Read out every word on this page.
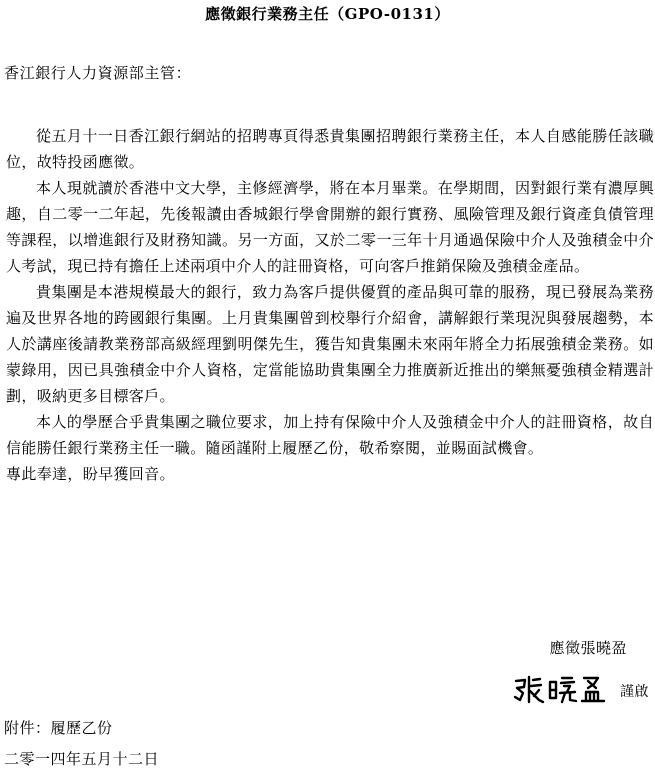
應徵銀行業務主任（GPO-0131）
香江銀行人力資源部主管：

從五月十一日香江銀行網站的招聘專頁得悉貴集團招聘銀行業務主任，本人自感能勝任該職位，故特投函應徵。

本人現就讀於香港中文大學，主修經濟學，將在本月畢業。在學期間，因對銀行業有濃厚興趣，自二零一二年起，先後報讀由香城銀行學會開辦的銀行實務、風險管理及銀行資產負債管理等課程，以增進銀行及財務知識。另一方面，又於二零一三年十月通過保險中介人及強積金中介人考試，現已持有擔任上述兩項中介人的註冊資格，可向客戶推銷保險及強積金產品。

貴集團是本港規模最大的銀行，致力為客戶提供優質的產品與可靠的服務，現已發展為業務遍及世界各地的跨國銀行集團。上月貴集團曾到校舉行介紹會，講解銀行業現況與發展趨勢，本人於講座後請教業務部高級經理劉明傑先生，獲告知貴集團未來兩年將全力拓展強積金業務。如蒙錄用，因已具強積金中介人資格，定當能協助貴集團全力推廣新近推出的樂無憂強積金精選計劃，吸納更多目標客戶。

本人的學歷合乎貴集團之職位要求，加上持有保險中介人及強積金中介人的註冊資格，故自信能勝任銀行業務主任一職。隨函謹附上履歷乙份，敬希察閱，並賜面試機會。

專此奉達，盼早獲回音。

應徵張曉盈
謹啟
附件：履歷乙份
二零一四年五月十二日
